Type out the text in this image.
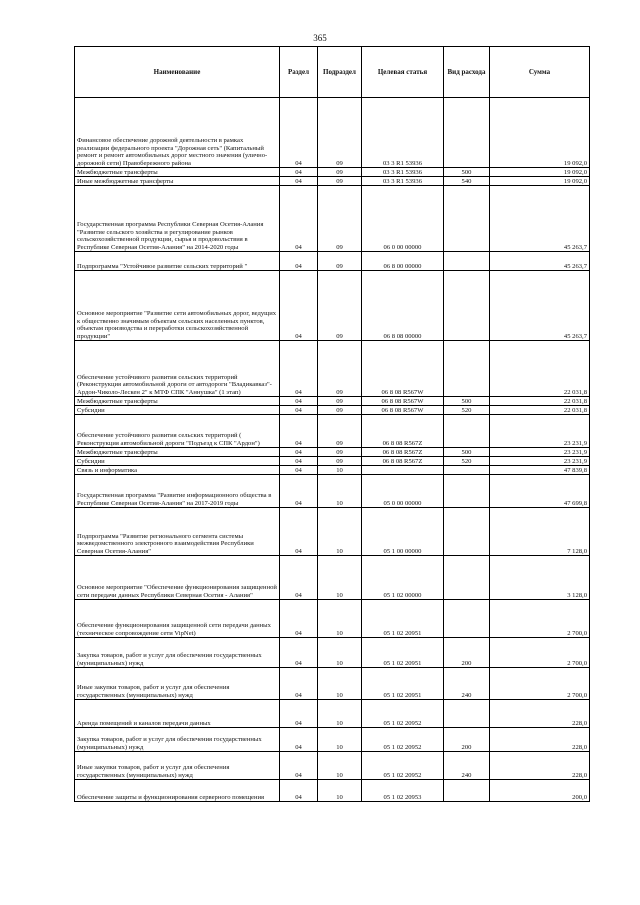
365
Наименование	Раздел	Подраздел	Целевая статья	Вид расхода	Сумма
Финансовое обеспечение дорожной деятельности в рамках реализации федерального проекта "Дорожная сеть" (Капитальный ремонт и ремонт автомобильных дорог местного значения (улично-дорожной сети) Правобережного района	04	09	03 3 R1 53936		19 092,0
Межбюджетные трансферты	04	09	03 3 R1 53936	500	19 092,0
Иные межбюджетные трансферты	04	09	03 3 R1 53936	540	19 092,0
Государственная программа Республики Северная Осетия-Алания "Развитие сельского хозяйства и регулирование рынков сельскохозяйственной продукции, сырья и продовольствия в Республике Северная Осетия-Алания" на 2014-2020 годы	04	09	06 0 00 00000		45 263,7
Подпрограмма "Устойчивое развитие сельских территорий "	04	09	06 8 00 00000		45 263,7
Основное мероприятие "Развитие сети автомобильных дорог, ведущих к общественно значимым объектам сельских населенных пунктов, объектам производства и переработки сельскохозяйственной продукции"	04	09	06 8 08 00000		45 263,7
Обеспечение устойчивого развития сельских территорий (Реконструкция автомобильной дороги от автодороги "Владикавказ"-Ардон-Чиколо-Лескен 2" к МТФ СПК "Аннушка" (1 этап)	04	09	06 8 08 R567W		22 031,8
Межбюджетные трансферты	04	09	06 8 08 R567W	500	22 031,8
Субсидии	04	09	06 8 08 R567W	520	22 031,8
Обеспечение устойчивого развития сельских территорий ( Реконструкция автомобильной дороги "Подъезд к СПК "Ардон")	04	09	06 8 08 R567Z		23 231,9
Межбюджетные трансферты	04	09	06 8 08 R567Z	500	23 231,9
Субсидии	04	09	06 8 08 R567Z	520	23 231,9
Связь и информатика	04	10			47 839,8
Государственная программа "Развитие информационного общества в Республике Северная Осетия-Алания" на 2017-2019 годы	04	10	05 0 00 00000		47 699,8
Подпрограмма "Развитие регионального сегмента системы межведомственного электронного взаимодействия Республики Северная Осетия-Алания"	04	10	05 1 00 00000		7 128,0
Основное мероприятие "Обеспечение функционирования защищенной сети передачи данных Республики Северная Осетия - Алания"	04	10	05 1 02 00000		3 128,0
Обеспечение функционирования защищенной сети передачи данных (техническое сопровождение сети VipNet)	04	10	05 1 02 20951		2 700,0
Закупка товаров, работ и услуг для обеспечения государственных (муниципальных) нужд	04	10	05 1 02 20951	200	2 700,0
Иные закупки товаров, работ и услуг для обеспечения государственных (муниципальных) нужд	04	10	05 1 02 20951	240	2 700,0
Аренда помещений и каналов передачи данных	04	10	05 1 02 20952		228,0
Закупка товаров, работ и услуг для обеспечения государственных (муниципальных) нужд	04	10	05 1 02 20952	200	228,0
Иные закупки товаров, работ и услуг для обеспечения государственных (муниципальных) нужд	04	10	05 1 02 20952	240	228,0
Обеспечение защиты и функционирования серверного помещения	04	10	05 1 02 20953		200,0
